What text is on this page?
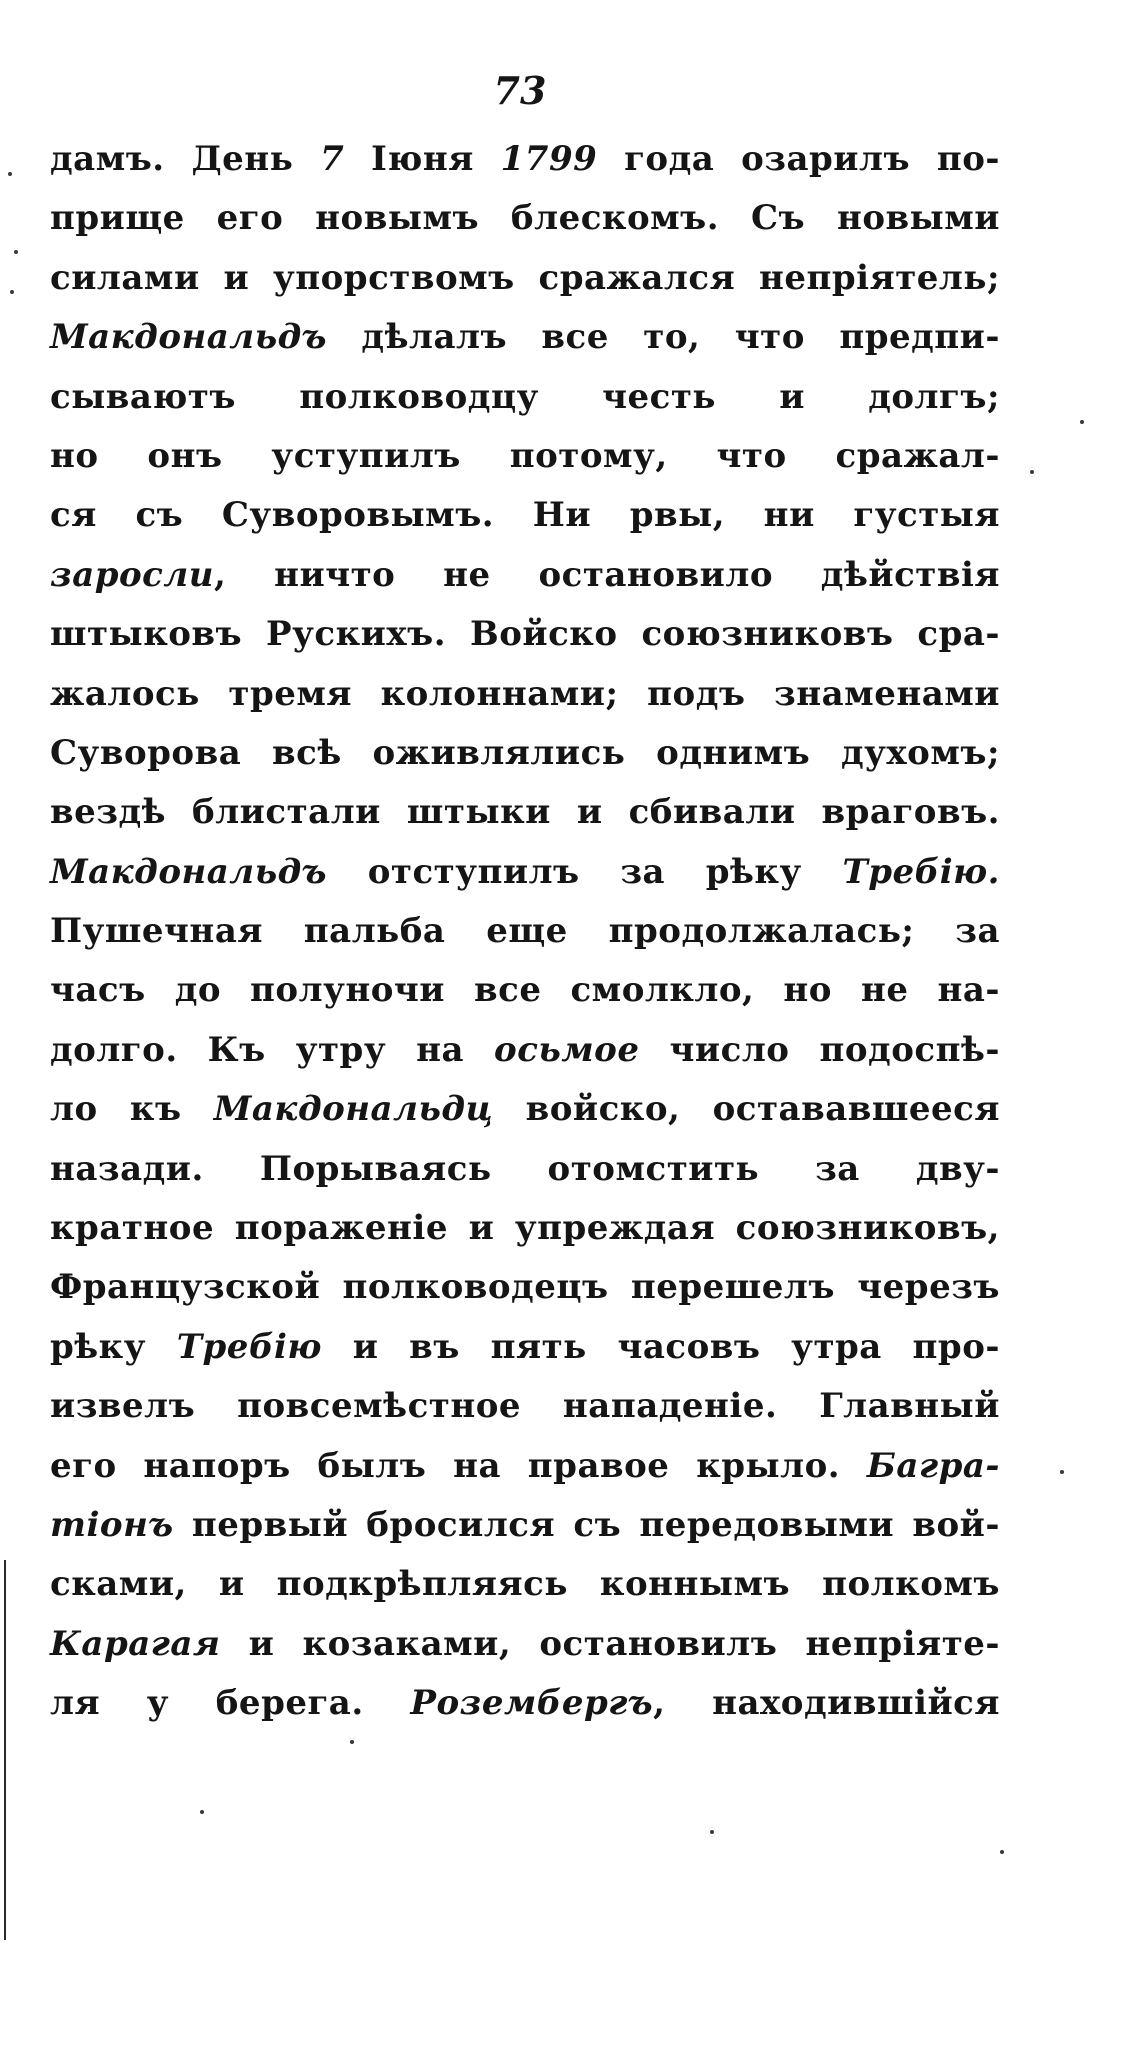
73
дамъ. День 7 Іюня 1799 года озарилъ по-
прище его новымъ блескомъ. Съ новыми
силами и упорствомъ сражался непріятель;
Макдональдъ дѣлалъ все то, что предпи-
сываютъ полководцу честь и долгъ;
но онъ уступилъ потому, что сражал-
ся съ Суворовымъ. Ни рвы, ни густыя
заросли, ничто не остановило дѣйствія
штыковъ Рускихъ. Войско союзниковъ сра-
жалось тремя колоннами; подъ знаменами
Суворова всѣ оживлялись однимъ духомъ;
вездѣ блистали штыки и сбивали враговъ.
Макдональдъ отступилъ за рѣку Требію.
Пушечная пальба еще продолжалась; за
часъ до полуночи все смолкло, но не на-
долго. Къ утру на осьмое число подоспѣ-
ло къ Макдональдц войско, остававшееся
назади. Порываясь отомстить за дву-
кратное пораженіе и упреждая союзниковъ,
Французской полководецъ перешелъ черезъ
рѣку Требію и въ пять часовъ утра про-
извелъ повсемѣстное нападеніе. Главный
его напоръ былъ на правое крыло. Багра-
тіонъ первый бросился съ передовыми вой-
сками, и подкрѣпляясь коннымъ полкомъ
Карагая и козаками, остановилъ непріяте-
ля у берега. Розембергъ, находившійся
